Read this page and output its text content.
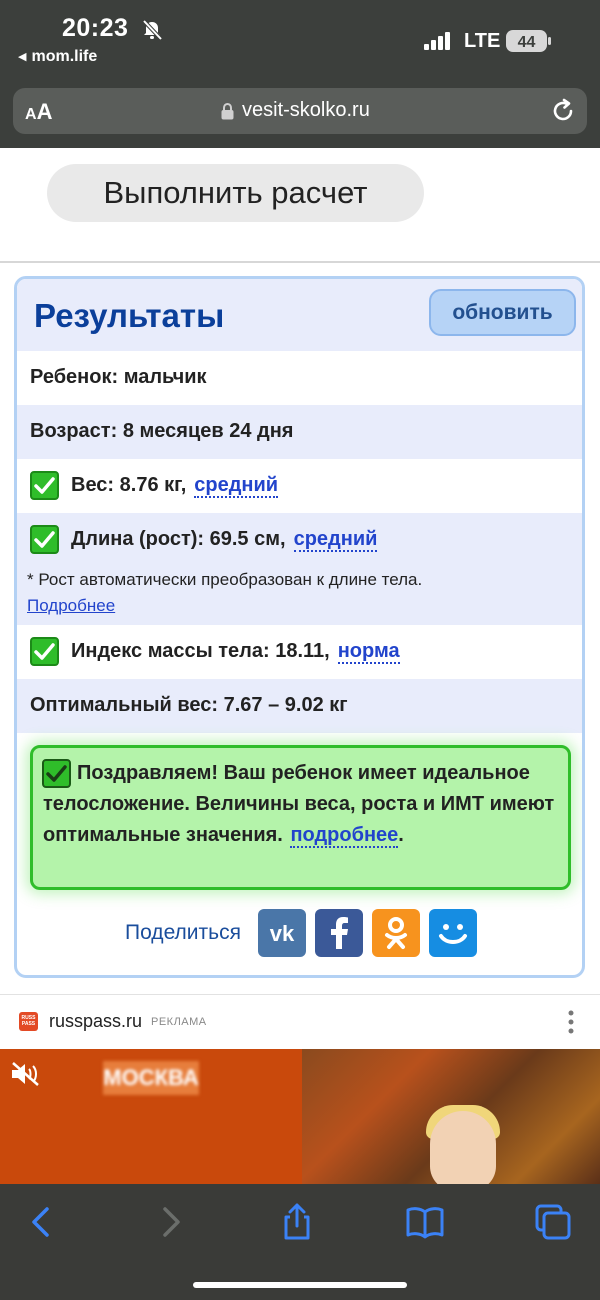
20:23
◀ mom.life
LTE 44
AA	vesit-skolko.ru
Выполнить расчет
Результаты	обновить
Ребенок: мальчик
Возраст: 8 месяцев 24 дня
Вес: 8.76 кг, средний
Длина (рост): 69.5 см, средний
* Рост автоматически преобразован к длине тела.
Подробнее
Индекс массы тела: 18.11, норма
Оптимальный вес: 7.67 – 9.02 кг
Поздравляем! Ваш ребенок имеет идеальное телосложение. Величины веса, роста и ИМТ имеют оптимальные значения. подробнее.
Поделиться vk
RUSS PASS russpass.ru РЕКЛАМА
МОСКВА
